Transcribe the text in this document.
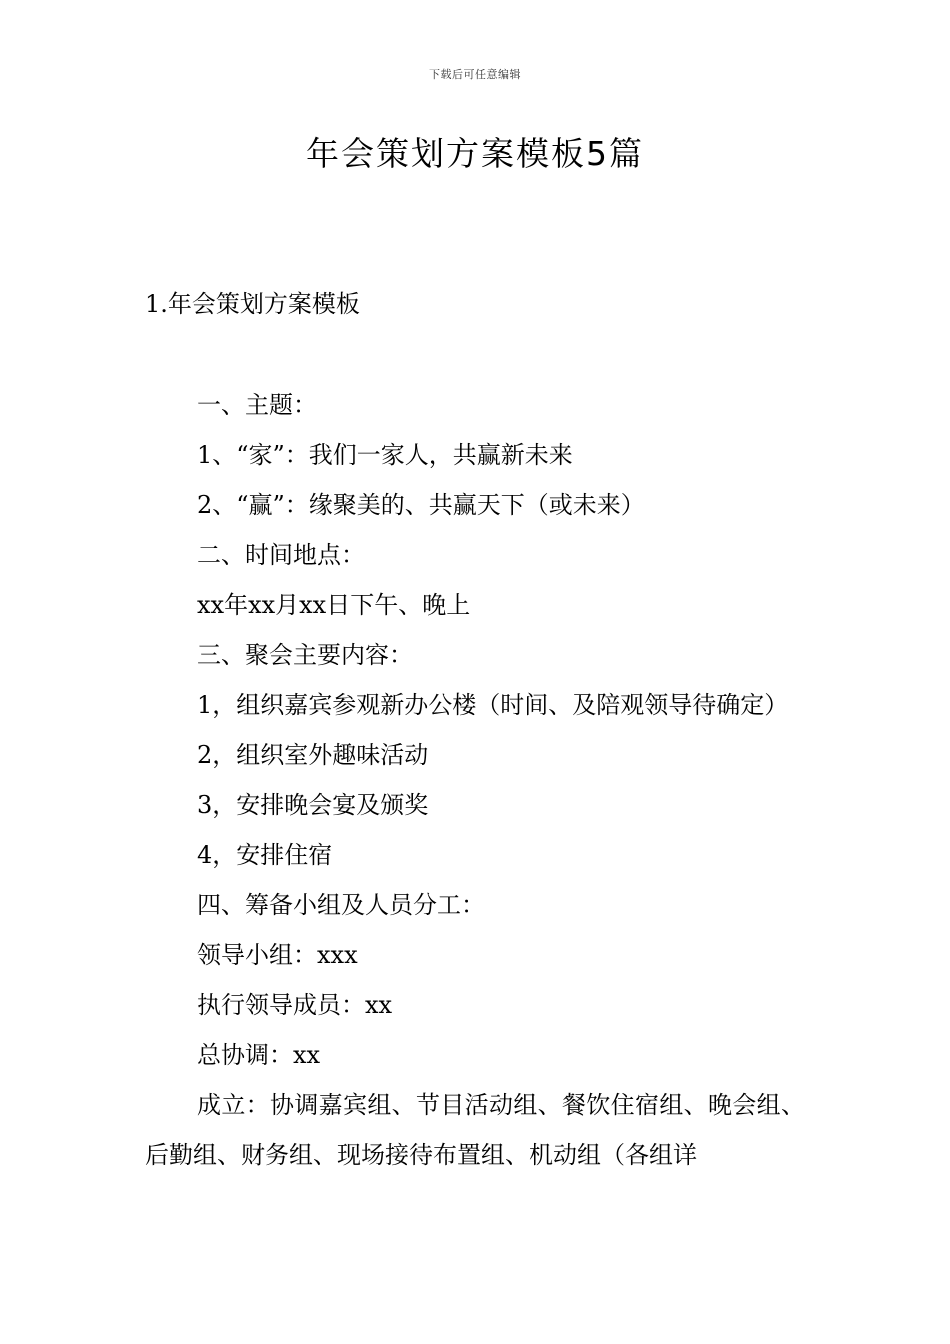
下载后可任意编辑
年会策划方案模板5篇
1.年会策划方案模板
一、主题：
1、“家”：我们一家人，共赢新未来
2、“赢”：缘聚美的、共赢天下（或未来）
二、时间地点：
xx年xx月xx日下午、晚上
三、聚会主要内容：
1，组织嘉宾参观新办公楼（时间、及陪观领导待确定）
2，组织室外趣味活动
3，安排晚会宴及颁奖
4，安排住宿
四、筹备小组及人员分工：
领导小组：xxx
执行领导成员：xx
总协调：xx
成立：协调嘉宾组、节目活动组、餐饮住宿组、晚会组、后勤组、财务组、现场接待布置组、机动组（各组详
